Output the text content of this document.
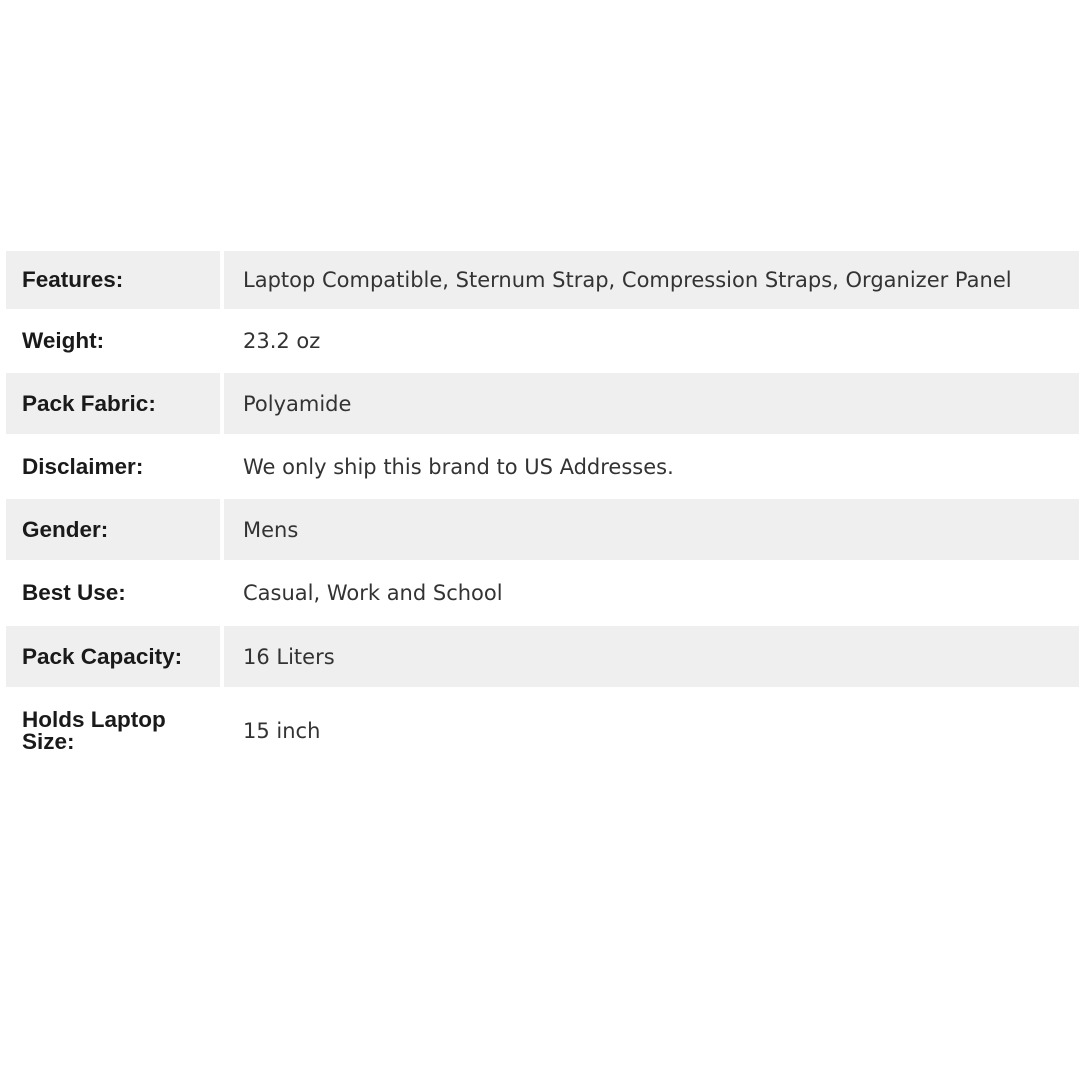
Features:	Laptop Compatible, Sternum Strap, Compression Straps, Organizer Panel
Weight:	23.2 oz
Pack Fabric:	Polyamide
Disclaimer:	We only ship this brand to US Addresses.
Gender:	Mens
Best Use:	Casual, Work and School
Pack Capacity:	16 Liters
Holds Laptop Size:	15 inch
